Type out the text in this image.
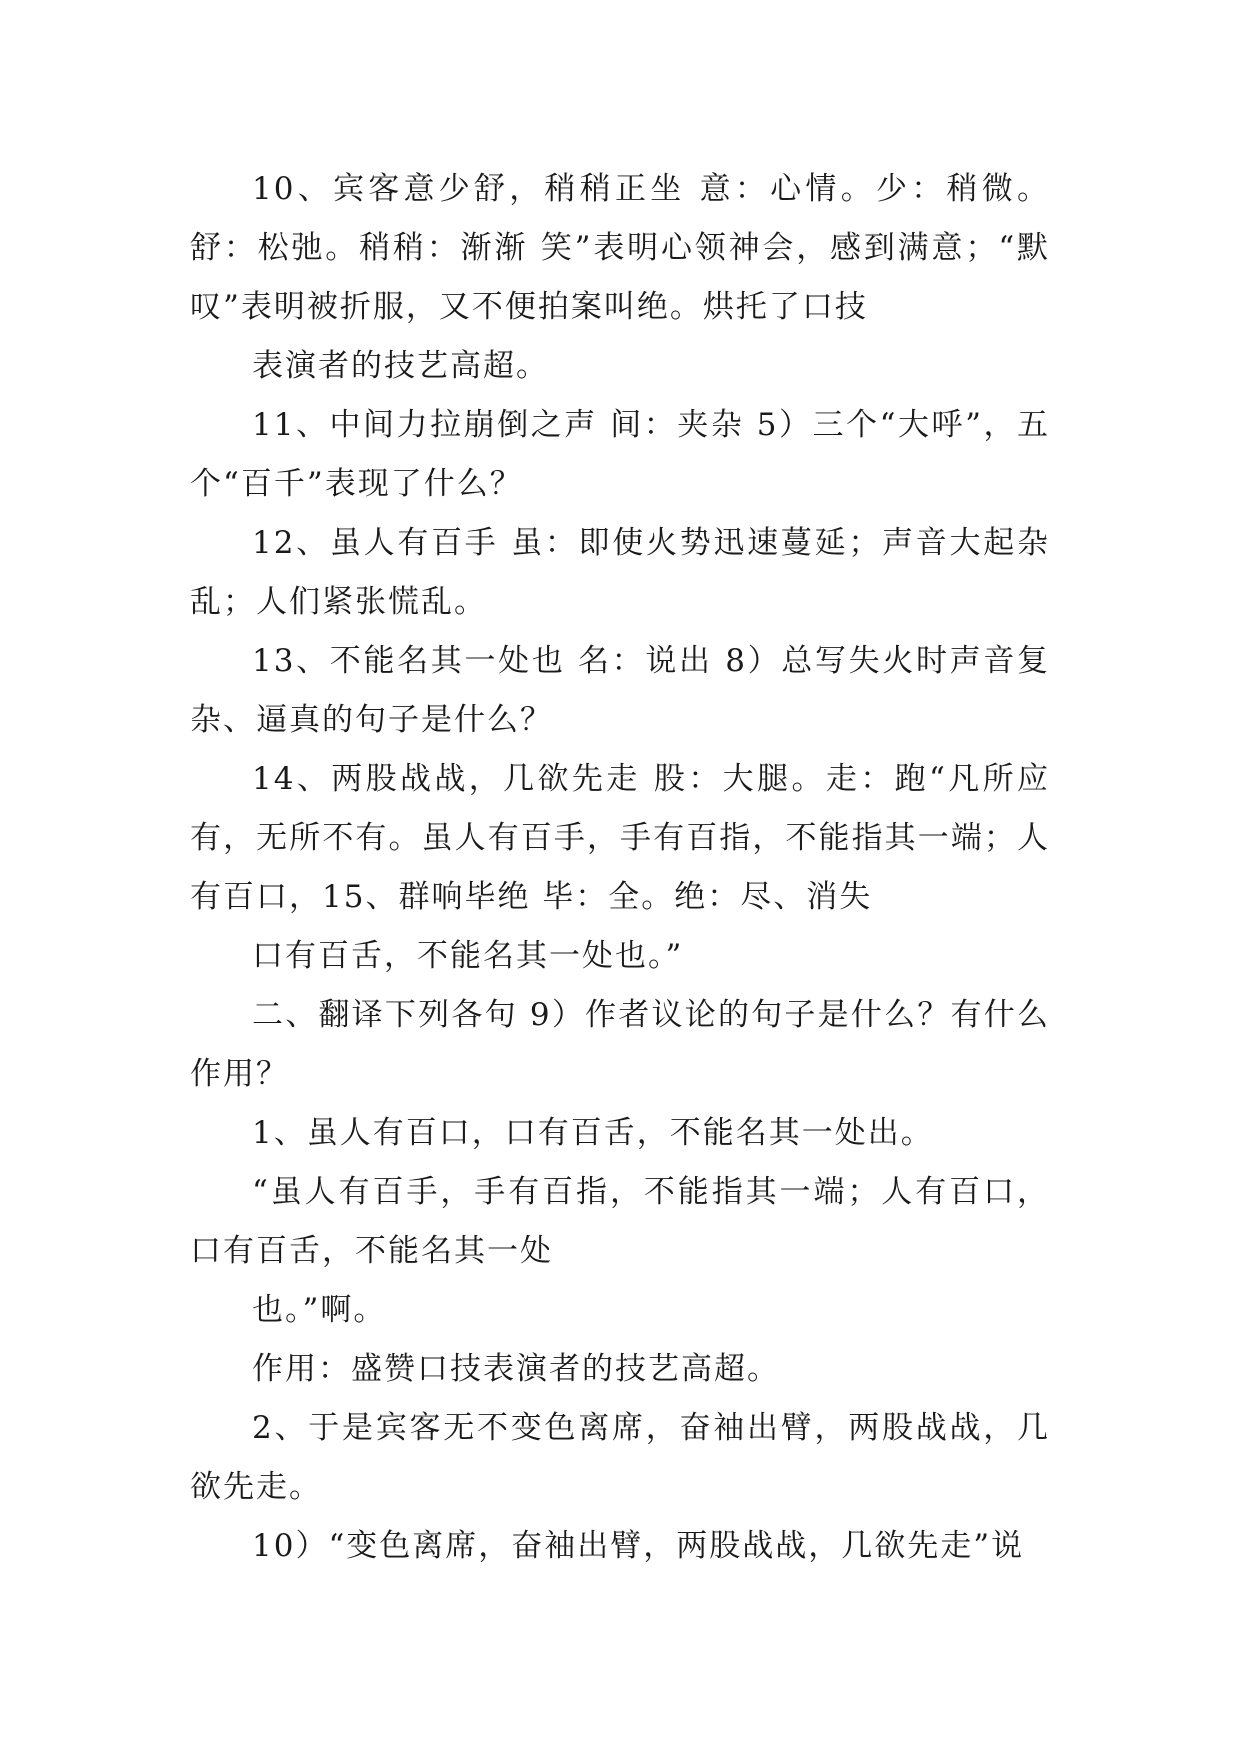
10、宾客意少舒，稍稍正坐 意：心情。少：稍微。舒：松弛。稍稍：渐渐 笑”表明心领神会，感到满意；“默叹”表明被折服，又不便拍案叫绝。烘托了口技

表演者的技艺高超。

11、中间力拉崩倒之声 间：夹杂 5）三个“大呼”，五个“百千”表现了什么？

12、虽人有百手 虽：即使火势迅速蔓延；声音大起杂乱；人们紧张慌乱。

13、不能名其一处也 名：说出 8）总写失火时声音复杂、逼真的句子是什么？

14、两股战战，几欲先走 股：大腿。走：跑“凡所应有，无所不有。虽人有百手，手有百指，不能指其一端；人有百口，15、群响毕绝 毕：全。绝：尽、消失

口有百舌，不能名其一处也。”

二、翻译下列各句 9）作者议论的句子是什么？有什么作用？

1、虽人有百口，口有百舌，不能名其一处出。

“虽人有百手，手有百指，不能指其一端；人有百口，口有百舌，不能名其一处

也。”啊。

作用：盛赞口技表演者的技艺高超。

2、于是宾客无不变色离席，奋袖出臂，两股战战，几欲先走。

10）“变色离席，奋袖出臂，两股战战，几欲先走”说
